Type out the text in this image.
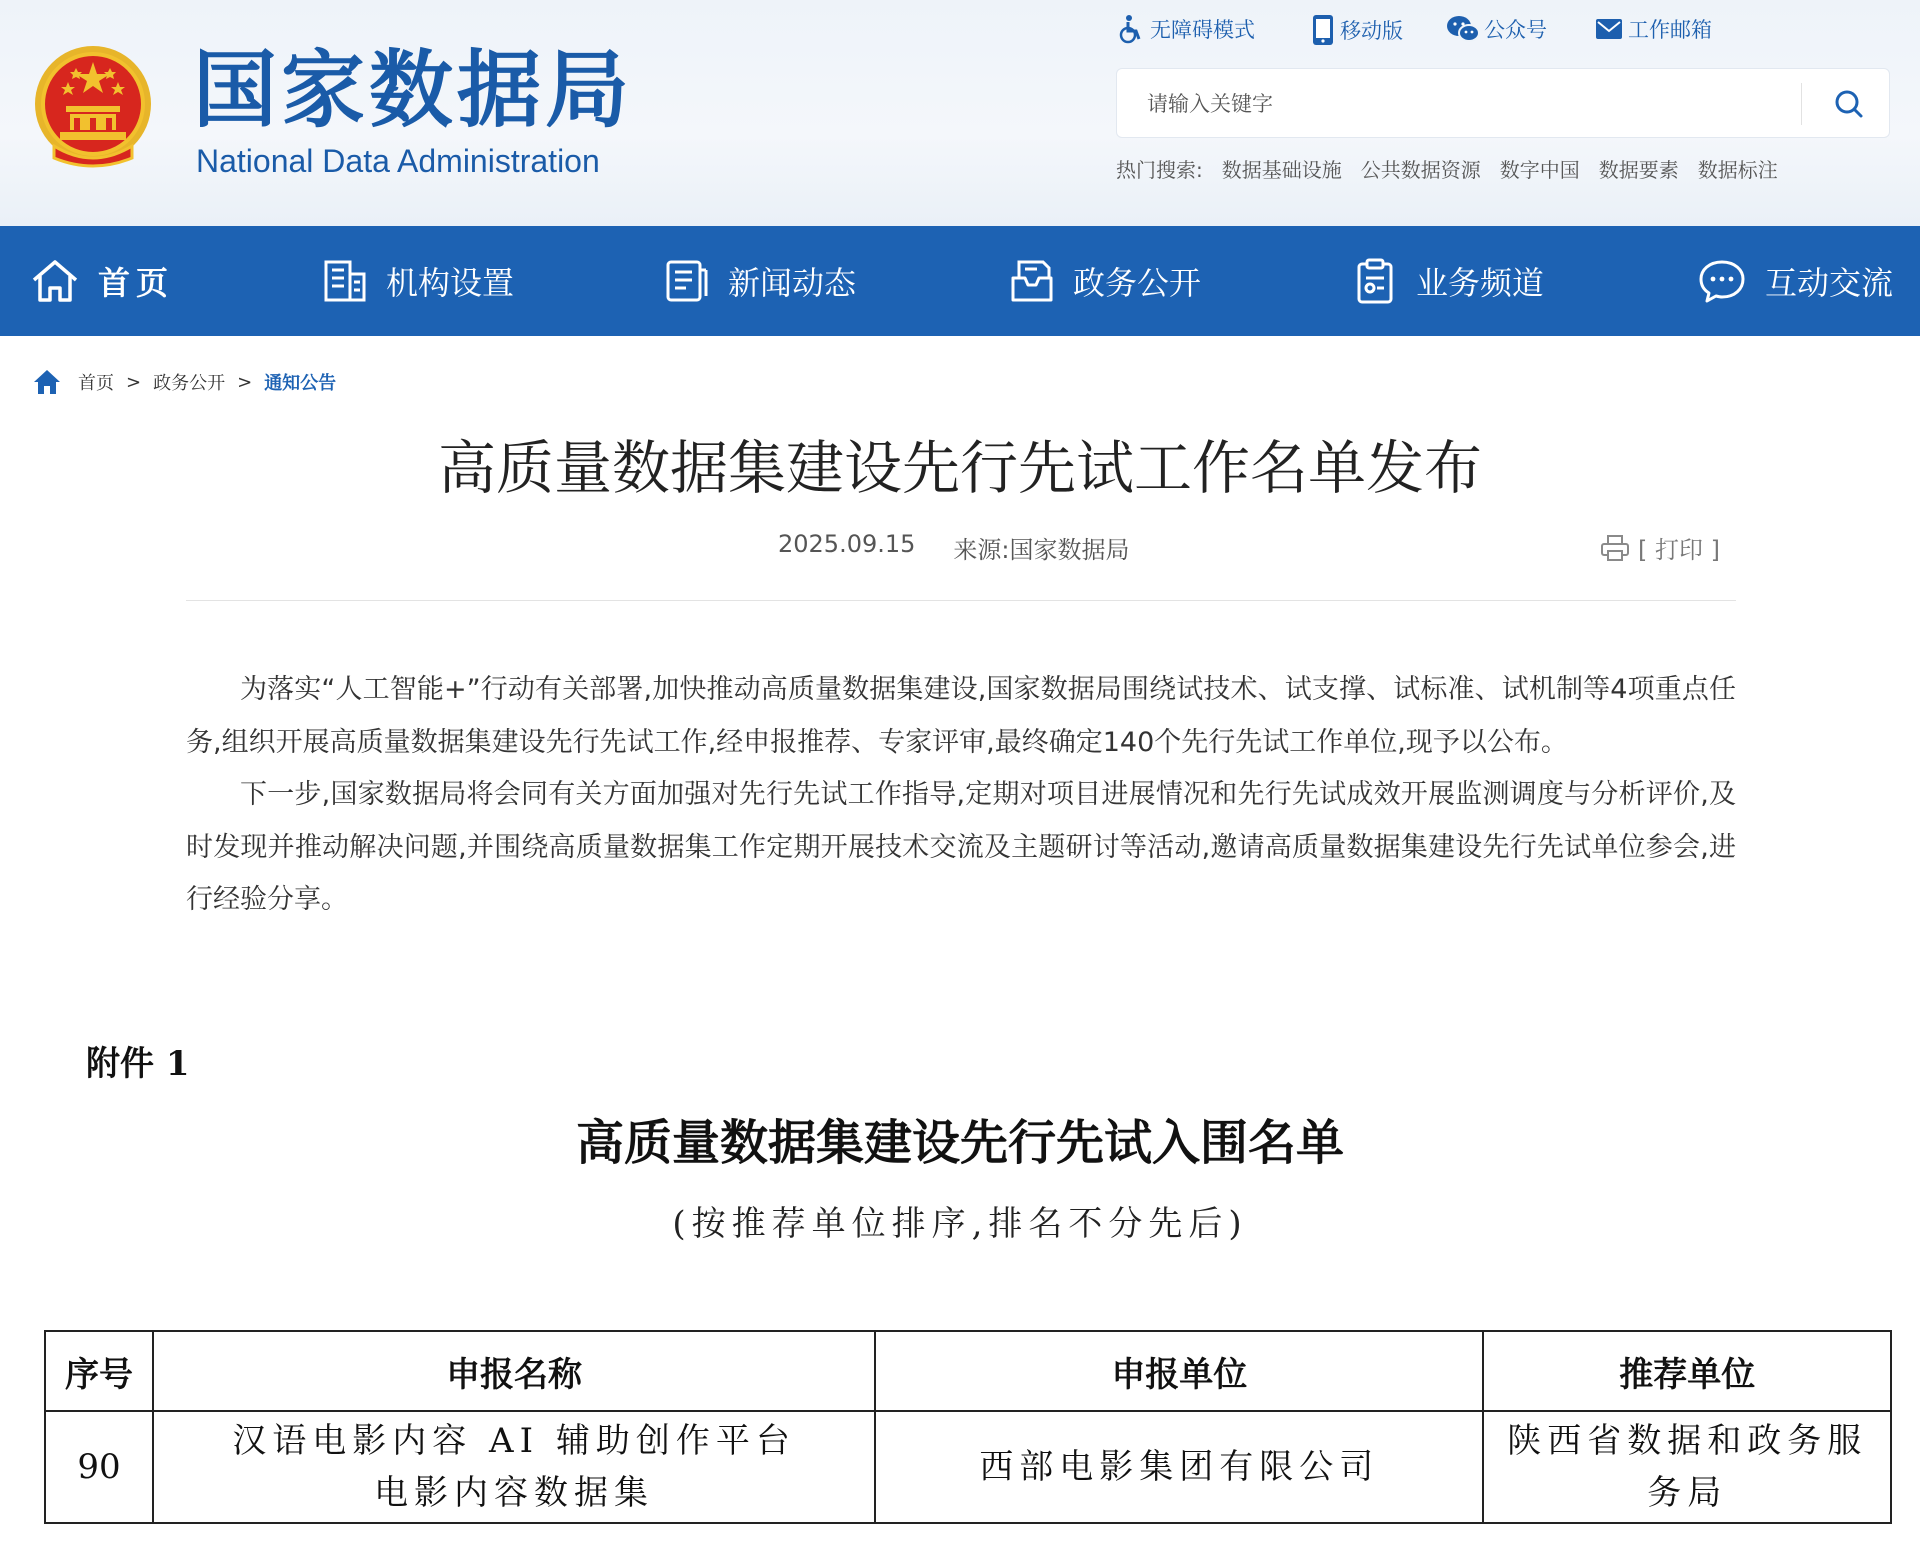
国家数据局
National Data Administration
无障碍模式	移动版	公众号	工作邮箱
请输入关键字
热门搜索: 数据基础设施 公共数据资源 数字中国 数据要素 数据标注
首页	机构设置	新闻动态	政务公开	业务频道	互动交流
首页 > 政务公开 > 通知公告
高质量数据集建设先行先试工作名单发布
2025.09.15 来源:国家数据局	[ 打印 ]

为落实“人工智能+”行动有关部署,加快推动高质量数据集建设,国家数据局围绕试技术、试支撑、试标准、试机制等4项重点任务,组织开展高质量数据集建设先行先试工作,经申报推荐、专家评审,最终确定140个先行先试工作单位,现予以公布。

下一步,国家数据局将会同有关方面加强对先行先试工作指导,定期对项目进展情况和先行先试成效开展监测调度与分析评价,及时发现并推动解决问题,并围绕高质量数据集工作定期开展技术交流及主题研讨等活动,邀请高质量数据集建设先行先试单位参会,进行经验分享。

附件 1
高质量数据集建设先行先试入围名单
(按推荐单位排序,排名不分先后)
序号	申报名称	申报单位	推荐单位
90	汉语电影内容 AI 辅助创作平台电影内容数据集	西部电影集团有限公司	陕西省数据和政务服务局
